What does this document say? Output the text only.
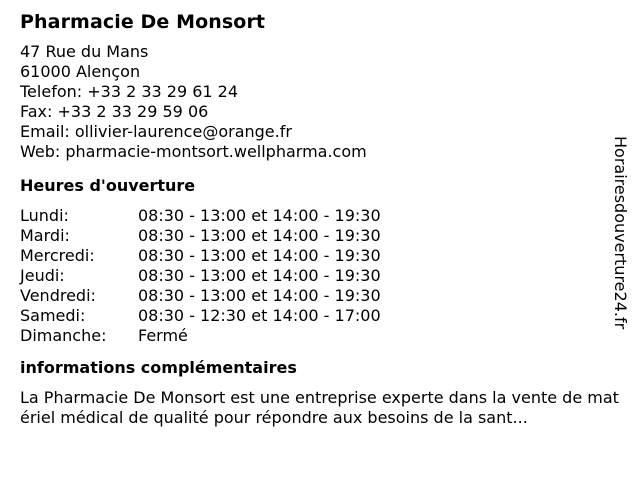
Pharmacie De Monsort
47 Rue du Mans
61000 Alençon
Telefon: +33 2 33 29 61 24
Fax: +33 2 33 29 59 06
Email: ollivier-laurence@orange.fr
Web: pharmacie-montsort.wellpharma.com
Heures d'ouverture
Lundi:	08:30 - 13:00 et 14:00 - 19:30
Mardi:	08:30 - 13:00 et 14:00 - 19:30
Mercredi:	08:30 - 13:00 et 14:00 - 19:30
Jeudi:	08:30 - 13:00 et 14:00 - 19:30
Vendredi:	08:30 - 13:00 et 14:00 - 19:30
Samedi:	08:30 - 12:30 et 14:00 - 17:00
Dimanche:	Fermé
informations complémentaires
La Pharmacie De Monsort est une entreprise experte dans la vente de matériel médical de qualité pour répondre aux besoins de la sant...
Horairesdouverture24.fr
